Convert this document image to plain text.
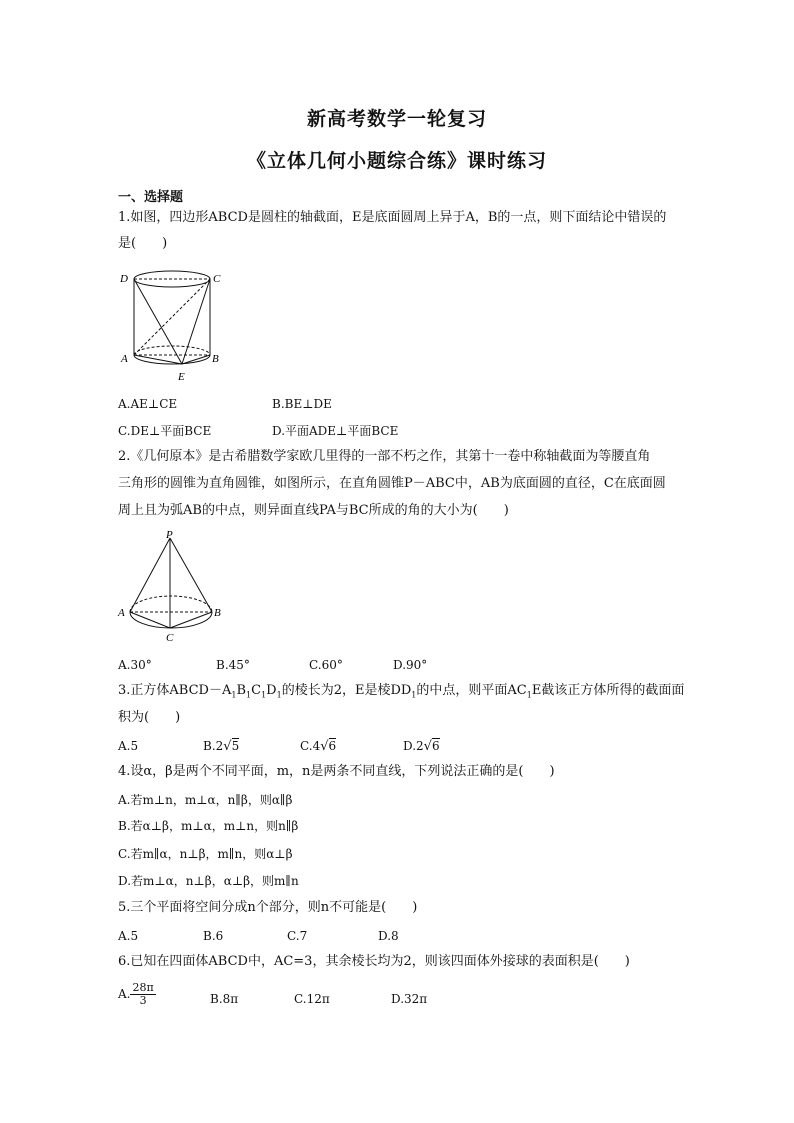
新高考数学一轮复习
《立体几何小题综合练》课时练习
一、选择题
1.如图，四边形ABCD是圆柱的轴截面，E是底面圆周上异于A，B的一点，则下面结论中错误的
是(　　)
D	C
A	B
E
A.AE⊥CE	B.BE⊥DE
C.DE⊥平面BCE	D.平面ADE⊥平面BCE
2.《几何原本》是古希腊数学家欧几里得的一部不朽之作，其第十一卷中称轴截面为等腰直角
三角形的圆锥为直角圆锥，如图所示，在直角圆锥P－ABC中，AB为底面圆的直径，C在底面圆
周上且为弧AB的中点，则异面直线PA与BC所成的角的大小为(　　)
P
A	B
C
A.30°	B.45°	C.60°	D.90°
3.正方体$ABCD-A_1B_1C_1D_1$的棱长为2，E是棱$DD_1$的中点，则平面$AC_1E$截该正方体所得的截面面
积为(　　)
A.5	B.2√5	C.4√6	D.2√6
4.设α，β是两个不同平面，m，n是两条不同直线，下列说法正确的是(　　)
A.若m⊥n，m⊥α，n∥β，则α∥β
B.若α⊥β，m⊥α，m⊥n，则n∥β
C.若m∥α，n⊥β，m∥n，则α⊥β
D.若m⊥α，n⊥β，α⊥β，则m∥n
5.三个平面将空间分成n个部分，则n不可能是(　　)
A.5	B.6	C.7	D.8
6.已知在四面体ABCD中，AC=3，其余棱长均为2，则该四面体外接球的表面积是(　　)
A. $\frac{28\pi}{3}$	B.8π	C.12π	D.32π
